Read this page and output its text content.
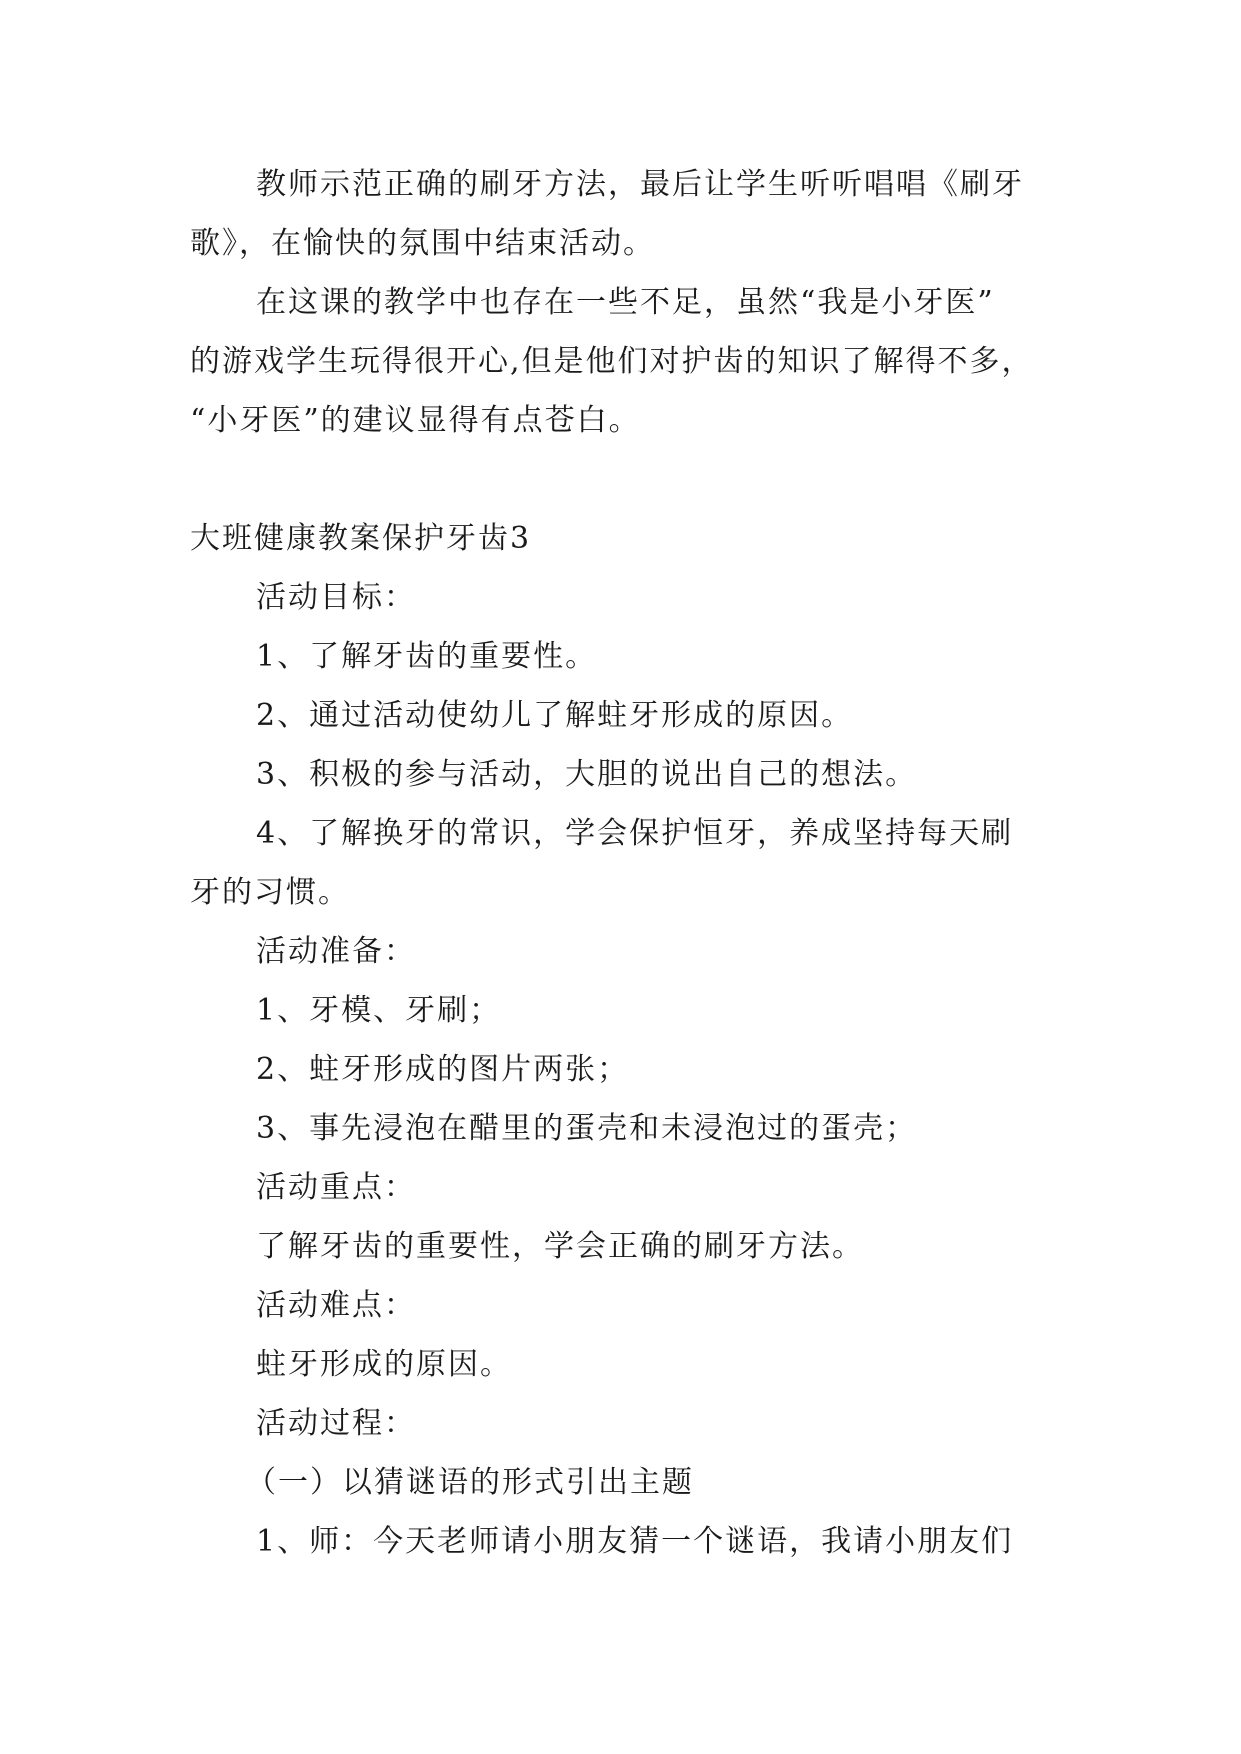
教师示范正确的刷牙方法，最后让学生听听唱唱《刷牙
歌》，在愉快的氛围中结束活动。
在这课的教学中也存在一些不足，虽然“我是小牙医”
的游戏学生玩得很开心,但是他们对护齿的知识了解得不多，
“小牙医”的建议显得有点苍白。
大班健康教案保护牙齿3
活动目标：
1、了解牙齿的重要性。
2、通过活动使幼儿了解蛀牙形成的原因。
3、积极的参与活动，大胆的说出自己的想法。
4、了解换牙的常识，学会保护恒牙，养成坚持每天刷
牙的习惯。
活动准备：
1、牙模、牙刷；
2、蛀牙形成的图片两张；
3、事先浸泡在醋里的蛋壳和未浸泡过的蛋壳；
活动重点：
了解牙齿的重要性，学会正确的刷牙方法。
活动难点：
蛀牙形成的原因。
活动过程：
（一）以猜谜语的形式引出主题
1、师：今天老师请小朋友猜一个谜语，我请小朋友们
